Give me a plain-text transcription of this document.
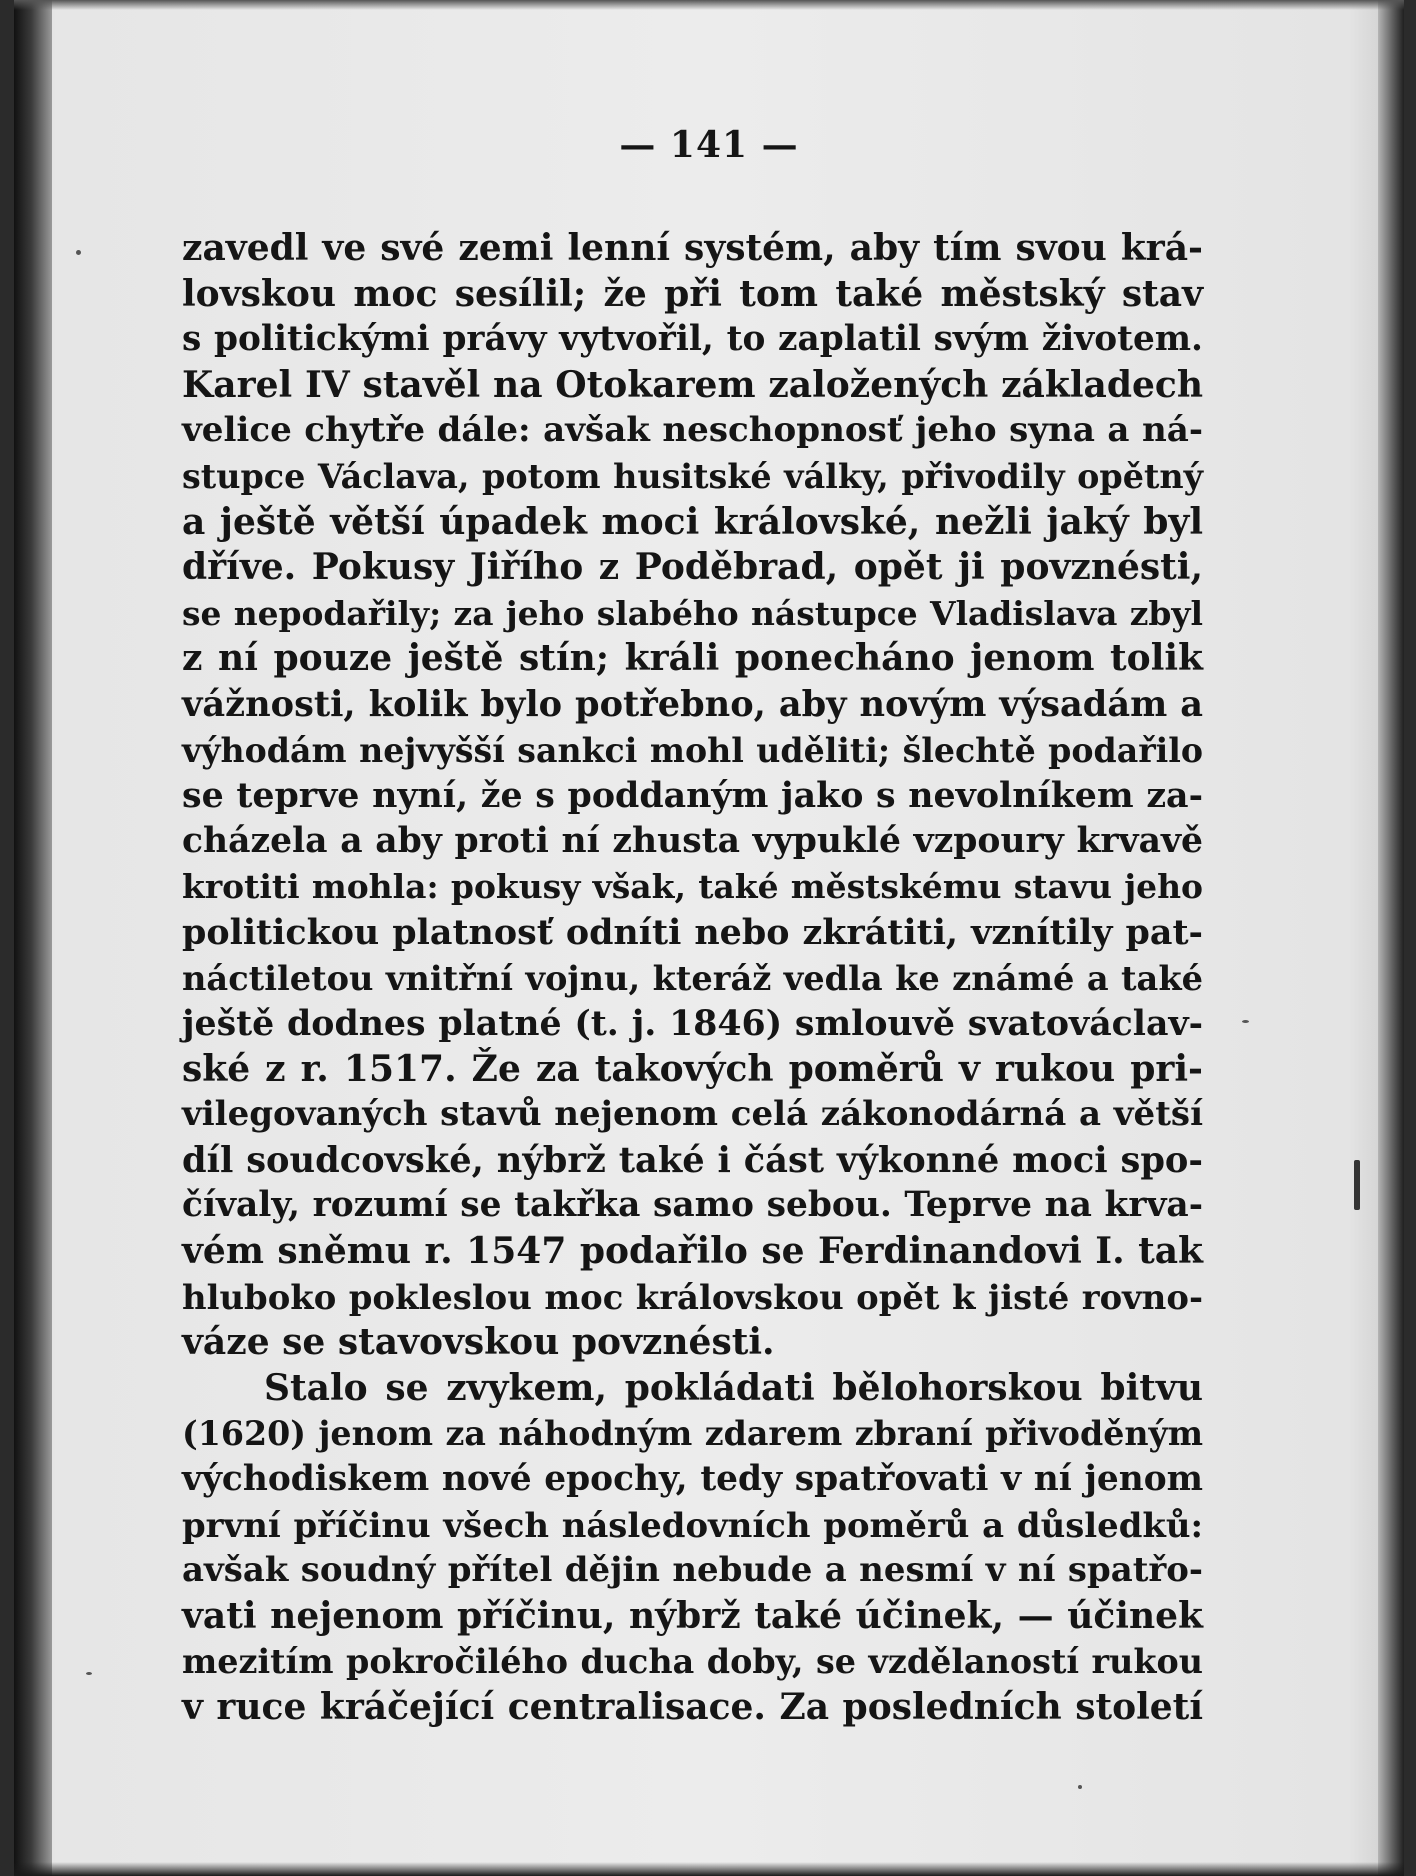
— 141 —
zavedl ve své zemi lenní systém, aby tím svou krá-
lovskou moc sesílil; že při tom také městský stav
s politickými právy vytvořil, to zaplatil svým životem.
Karel IV stavěl na Otokarem založených základech
velice chytře dále: avšak neschopnosť jeho syna a ná-
stupce Václava, potom husitské války, přivodily opětný
a ještě větší úpadek moci královské, nežli jaký byl
dříve. Pokusy Jiřího z Poděbrad, opět ji povznésti,
se nepodařily; za jeho slabého nástupce Vladislava zbyl
z ní pouze ještě stín; králi ponecháno jenom tolik
vážnosti, kolik bylo potřebno, aby novým výsadám a
výhodám nejvyšší sankci mohl uděliti; šlechtě podařilo
se teprve nyní, že s poddaným jako s nevolníkem za-
cházela a aby proti ní zhusta vypuklé vzpoury krvavě
krotiti mohla: pokusy však, také městskému stavu jeho
politickou platnosť odníti nebo zkrátiti, vznítily pat-
náctiletou vnitřní vojnu, kteráž vedla ke známé a také
ještě dodnes platné (t. j. 1846) smlouvě svatováclav-
ské z r. 1517. Že za takových poměrů v rukou pri-
vilegovaných stavů nejenom celá zákonodárná a větší
díl soudcovské, nýbrž také i část výkonné moci spo-
čívaly, rozumí se takřka samo sebou. Teprve na krva-
vém sněmu r. 1547 podařilo se Ferdinandovi I. tak
hluboko pokleslou moc královskou opět k jisté rovno-
váze se stavovskou povznésti.
Stalo se zvykem, pokládati bělohorskou bitvu
(1620) jenom za náhodným zdarem zbraní přivoděným
východiskem nové epochy, tedy spatřovati v ní jenom
první příčinu všech následovních poměrů a důsledků:
avšak soudný přítel dějin nebude a nesmí v ní spatřo-
vati nejenom příčinu, nýbrž také účinek, — účinek
mezitím pokročilého ducha doby, se vzdělaností rukou
v ruce kráčející centralisace. Za posledních století
